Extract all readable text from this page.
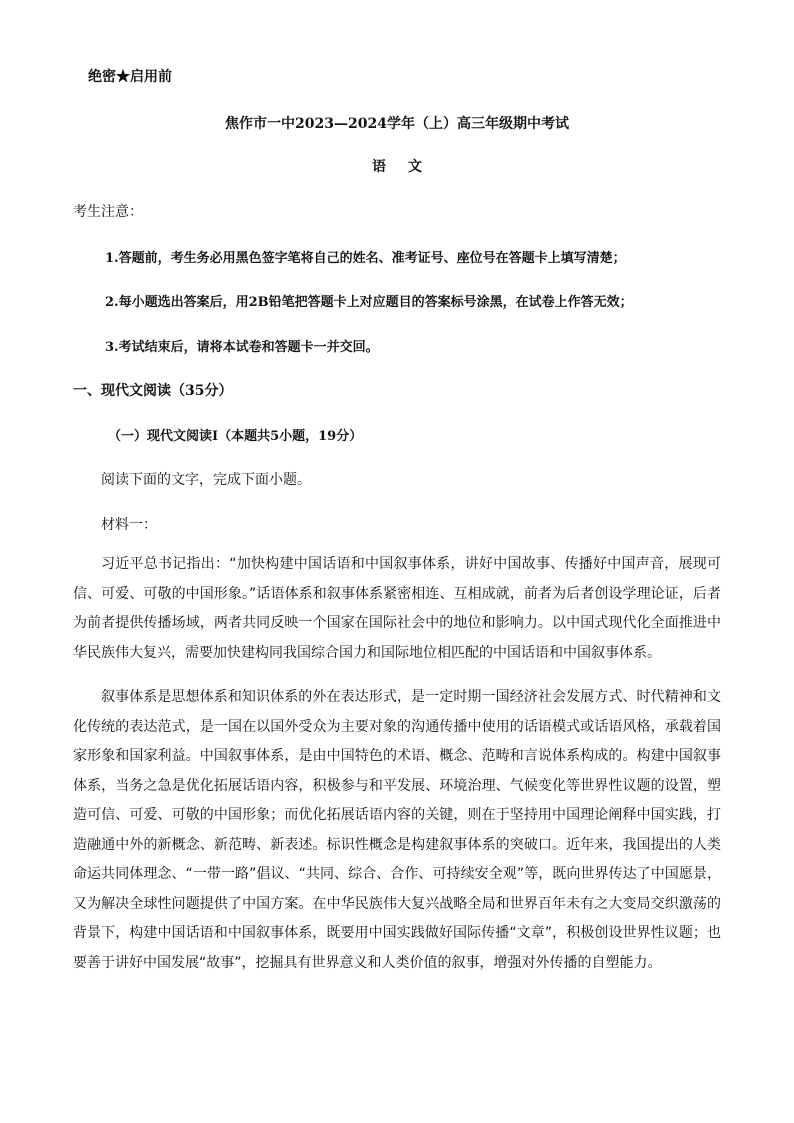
绝密★启用前
焦作市一中2023—2024学年（上）高三年级期中考试
语文
考生注意：
1.答题前，考生务必用黑色签字笔将自己的姓名、准考证号、座位号在答题卡上填写清楚；
2.每小题选出答案后，用2B铅笔把答题卡上对应题目的答案标号涂黑，在试卷上作答无效；
3.考试结束后，请将本试卷和答题卡一并交回。
一、现代文阅读（35分）
（一）现代文阅读Ⅰ（本题共5小题，19分）
阅读下面的文字，完成下面小题。
材料一：

习近平总书记指出：“加快构建中国话语和中国叙事体系，讲好中国故事、传播好中国声音，展现可信、可爱、可敬的中国形象。”话语体系和叙事体系紧密相连、互相成就，前者为后者创设学理论证，后者为前者提供传播场域，两者共同反映一个国家在国际社会中的地位和影响力。以中国式现代化全面推进中华民族伟大复兴，需要加快建构同我国综合国力和国际地位相匹配的中国话语和中国叙事体系。

叙事体系是思想体系和知识体系的外在表达形式，是一定时期一国经济社会发展方式、时代精神和文化传统的表达范式，是一国在以国外受众为主要对象的沟通传播中使用的话语模式或话语风格，承载着国家形象和国家利益。中国叙事体系，是由中国特色的术语、概念、范畴和言说体系构成的。构建中国叙事体系，当务之急是优化拓展话语内容，积极参与和平发展、环境治理、气候变化等世界性议题的设置，塑造可信、可爱、可敬的中国形象；而优化拓展话语内容的关键，则在于坚持用中国理论阐释中国实践，打造融通中外的新概念、新范畴、新表述。标识性概念是构建叙事体系的突破口。近年来，我国提出的人类命运共同体理念、“一带一路”倡议、“共同、综合、合作、可持续安全观”等，既向世界传达了中国愿景，又为解决全球性问题提供了中国方案。在中华民族伟大复兴战略全局和世界百年未有之大变局交织激荡的背景下，构建中国话语和中国叙事体系，既要用中国实践做好国际传播“文章”，积极创设世界性议题；也要善于讲好中国发展“故事”，挖掘具有世界意义和人类价值的叙事，增强对外传播的自塑能力。
